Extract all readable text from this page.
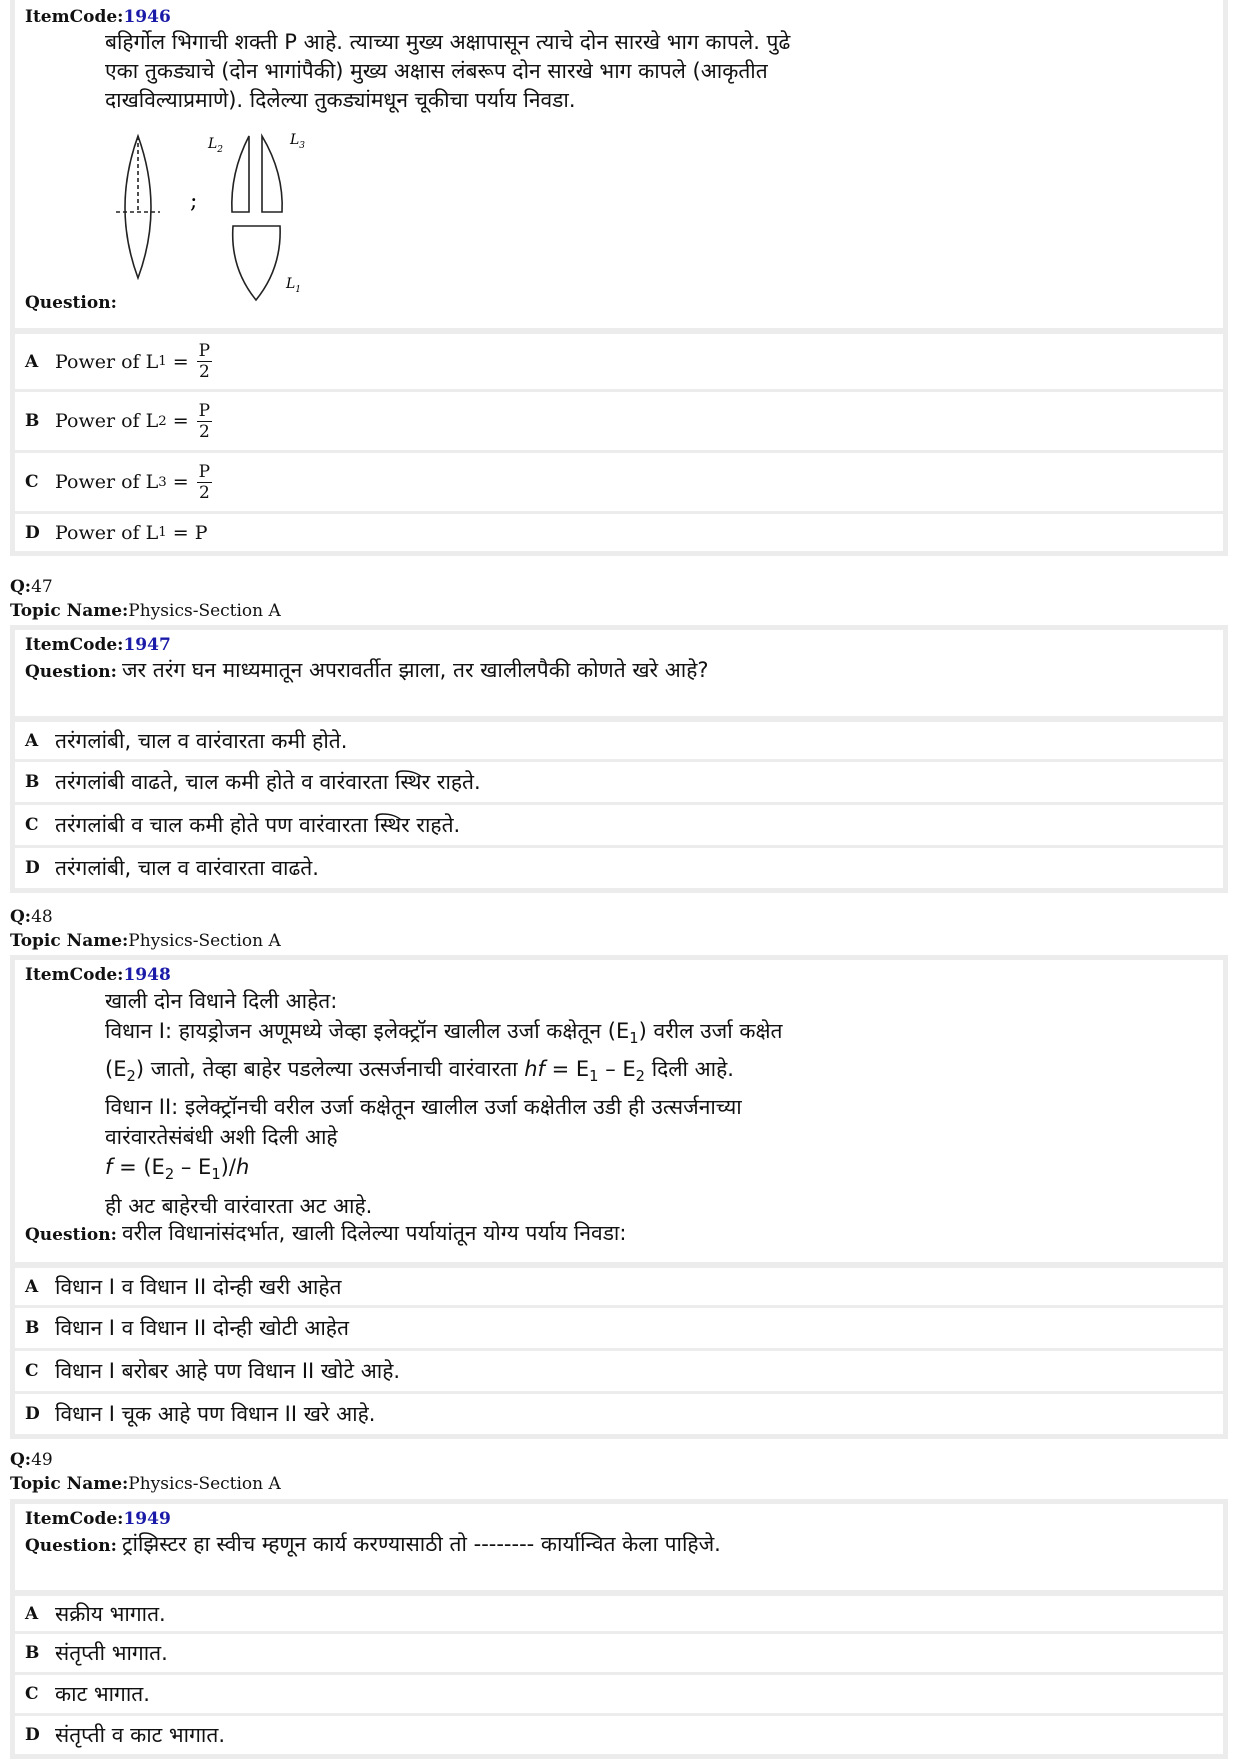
ItemCode:1946
बहिर्गोल भिगाची शक्ती P आहे. त्याच्या मुख्य अक्षापासून त्याचे दोन सारखे भाग कापले. पुढे
एका तुकड्याचे (दोन भागांपैकी) मुख्य अक्षास लंबरूप दोन सारखे भाग कापले (आकृतीत
दाखविल्याप्रमाणे). दिलेल्या तुकड्यांमधून चूकीचा पर्याय निवडा.
;
$L_2$
$L_3$
$L_1$
Question:
A Power of L 1
= $\frac{P}{2}$
B Power of L 2
= $\frac{P}{2}$
C Power of L 3
= $\frac{P}{2}$
D Power of L 1
= P
Q:47
Topic Name:Physics-Section A
ItemCode:1947
Question: जर तरंग घन माध्यमातून अपरावर्तीत झाला, तर खालीलपैकी कोणते खरे आहे?
A तरंगलांबी, चाल व वारंवारता कमी होते.
B तरंगलांबी वाढते, चाल कमी होते व वारंवारता स्थिर राहते.
C तरंगलांबी व चाल कमी होते पण वारंवारता स्थिर राहते.
D तरंगलांबी, चाल व वारंवारता वाढते.
Q:48
Topic Name:Physics-Section A
ItemCode:1948
खाली दोन विधाने दिली आहेत:
विधान I: हायड्रोजन अणूमध्ये जेव्हा इलेक्ट्रॉन खालील उर्जा कक्षेतून $(E_1)$ वरील उर्जा कक्षेत
$(E_2)$ जातो, तेव्हा बाहेर पडलेल्या उत्सर्जनाची वारंवारता hf = $E_1 - E_2$ दिली आहे.
विधान II: इलेक्ट्रॉनची वरील उर्जा कक्षेतून खालील उर्जा कक्षेतील उडी ही उत्सर्जनाच्या
वारंवारतेसंबंधी अशी दिली आहे
$f = (E_2 - E_1)/h$
ही अट बाहेरची वारंवारता अट आहे.
Question: वरील विधानांसंदर्भात, खाली दिलेल्या पर्यायांतून योग्य पर्याय निवडा:
A विधान I व विधान II दोन्ही खरी आहेत
B विधान I व विधान II दोन्ही खोटी आहेत
C विधान I बरोबर आहे पण विधान II खोटे आहे.
D विधान I चूक आहे पण विधान II खरे आहे.
Q:49
Topic Name:Physics-Section A
ItemCode:1949
Question: ट्रांझिस्टर हा स्वीच म्हणून कार्य करण्यासाठी तो -------- कार्यान्वित केला पाहिजे.
A सक्रीय भागात.
B संतृप्ती भागात.
C काट भागात.
D संतृप्ती व काट भागात.
